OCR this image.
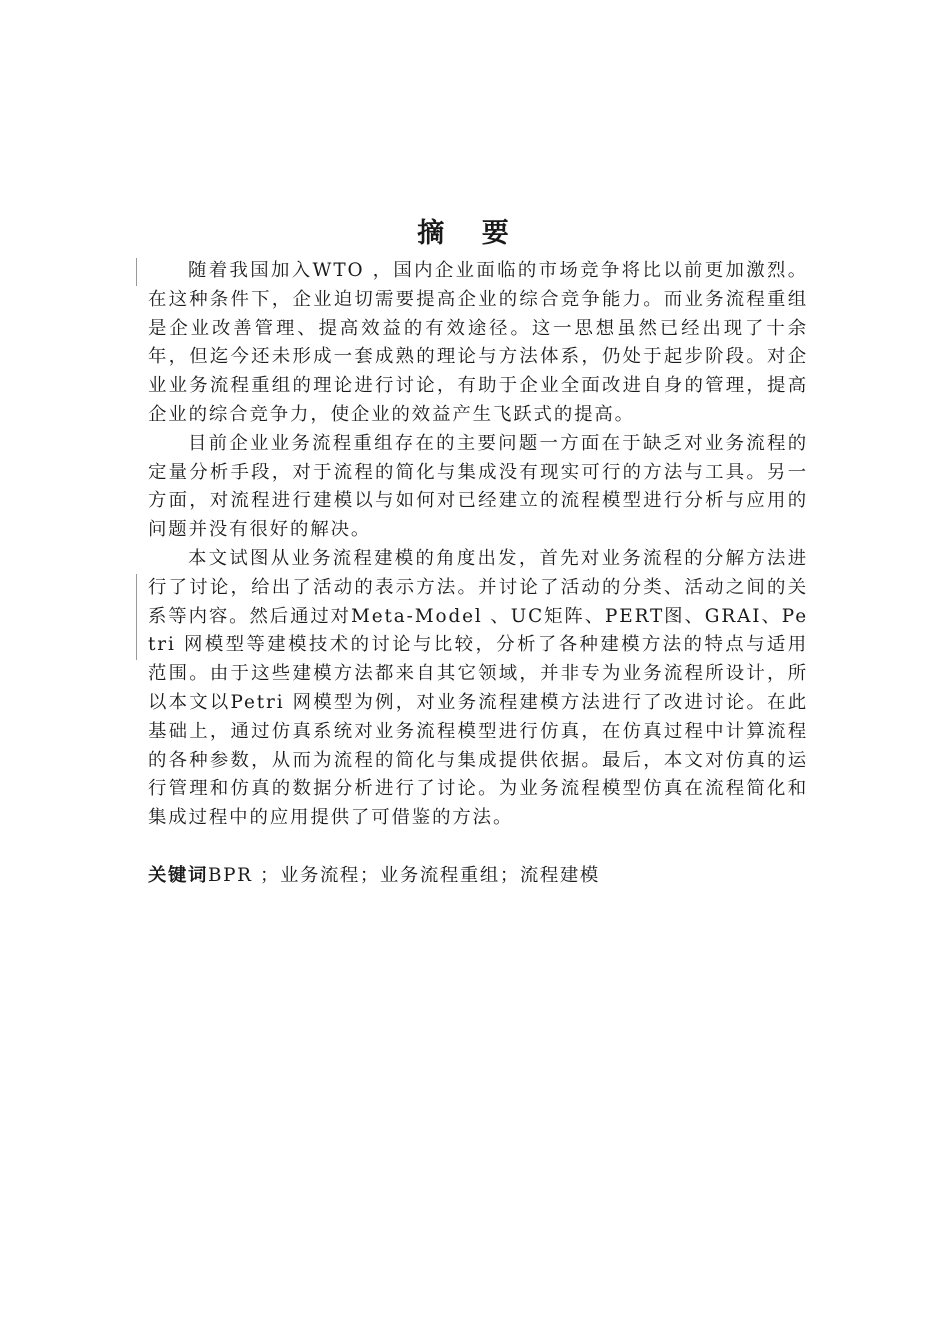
摘 要

随着我国加入WTO ，国内企业面临的市场竞争将比以前更加激烈。在这种条件下，企业迫切需要提高企业的综合竞争能力。而业务流程重组是企业改善管理、提高效益的有效途径。这一思想虽然已经出现了十余年，但迄今还未形成一套成熟的理论与方法体系，仍处于起步阶段。对企业业务流程重组的理论进行讨论，有助于企业全面改进自身的管理，提高企业的综合竞争力，使企业的效益产生飞跃式的提高。

目前企业业务流程重组存在的主要问题一方面在于缺乏对业务流程的定量分析手段，对于流程的简化与集成没有现实可行的方法与工具。另一方面，对流程进行建模以与如何对已经建立的流程模型进行分析与应用的问题并没有很好的解决。

本文试图从业务流程建模的角度出发，首先对业务流程的分解方法进行了讨论，给出了活动的表示方法。并讨论了活动的分类、活动之间的关系等内容。然后通过对Meta-Model 、UC矩阵、PERT图、GRAI、Petri 网模型等建模技术的讨论与比较，分析了各种建模方法的特点与适用范围。由于这些建模方法都来自其它领域，并非专为业务流程所设计，所以本文以Petri 网模型为例，对业务流程建模方法进行了改进讨论。在此基础上，通过仿真系统对业务流程模型进行仿真，在仿真过程中计算流程的各种参数，从而为流程的简化与集成提供依据。最后，本文对仿真的运行管理和仿真的数据分析进行了讨论。为业务流程模型仿真在流程简化和集成过程中的应用提供了可借鉴的方法。

关键词BPR ；业务流程；业务流程重组；流程建模
